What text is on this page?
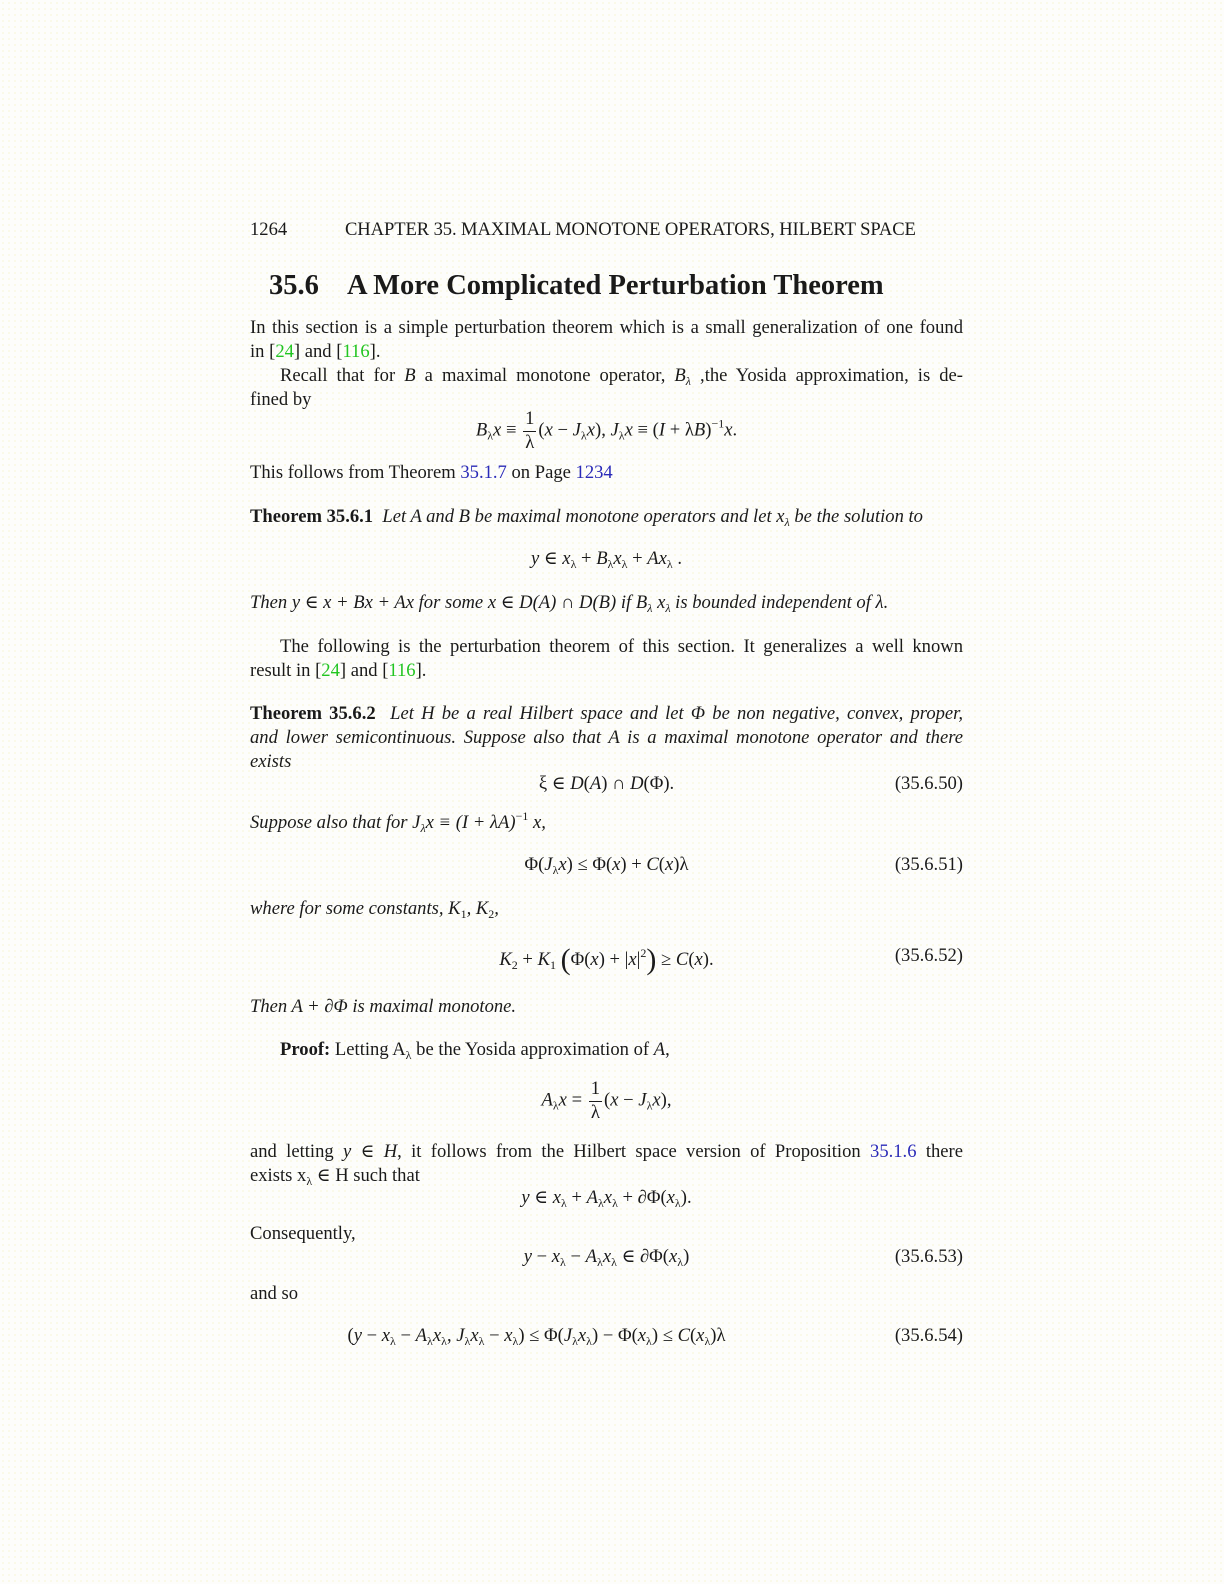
1264	CHAPTER 35. MAXIMAL MONOTONE OPERATORS, HILBERT SPACE
35.6 A More Complicated Perturbation Theorem
In this section is a simple perturbation theorem which is a small generalization of one found
in [24] and [116].
Recall that for B a maximal monotone operator, $B_\lambda$ ,the Yosida approximation, is de-
fined by
$B_\lambda x \equiv \frac{1}{\lambda} (x - J_\lambda x)$, $J_\lambda x \equiv (I + \lambda B)^{-1}x$.
This follows from Theorem 35.1.7 on Page 1234
Theorem 35.6.1 Let A and B be maximal monotone operators and let $x_\lambda$ be the solution to
y ∈ $x_\lambda + B_\lambda x_\lambda + Ax_\lambda$ .
Then y ∈ x + Bx + Ax for some x ∈ D(A) ∩ D(B) if $B_\lambda$ $x_\lambda$ is bounded independent of λ.
The following is the perturbation theorem of this section. It generalizes a well known
result in [24] and [116].
Theorem 35.6.2 Let H be a real Hilbert space and let Φ be non negative, convex, proper,
and lower semicontinuous. Suppose also that A is a maximal monotone operator and there
exists
ξ ∈ D(A) ∩ D(Φ).	(35.6.50)
Suppose also that for $J_\lambda x \equiv (I + \lambda A)^{-1}$ x,
$\Phi(J_\lambda x) \le \Phi(x) + C(x)\lambda$	(35.6.51)
where for some constants, $K_1$, $K_2$,
$K_2 + K_1$ $(\Phi(x) + |x|^2) \ge C(x)$.	(35.6.52)
Then A + ∂Φ is maximal monotone.
Proof: Letting $A_\lambda$ be the Yosida approximation of A,
$A_\lambda x = \frac{1}{\lambda} (x - J_\lambda x)$,
and letting y ∈ H, it follows from the Hilbert space version of Proposition 35.1.6 there
exists $x_\lambda$ ∈ H such that
y ∈ $x_\lambda + A_\lambda x_\lambda + \partial\Phi(x_\lambda)$.
Consequently,
$y - x_\lambda - A_\lambda x_\lambda$ ∈ $\partial\Phi(x_\lambda)$	(35.6.53)
and so
($y - x_\lambda - A_\lambda x_\lambda$, $J_\lambda x_\lambda - x_\lambda) \le \Phi(J_\lambda x_\lambda) - \Phi(x_\lambda) \le C(x_\lambda)\lambda$	(35.6.54)
